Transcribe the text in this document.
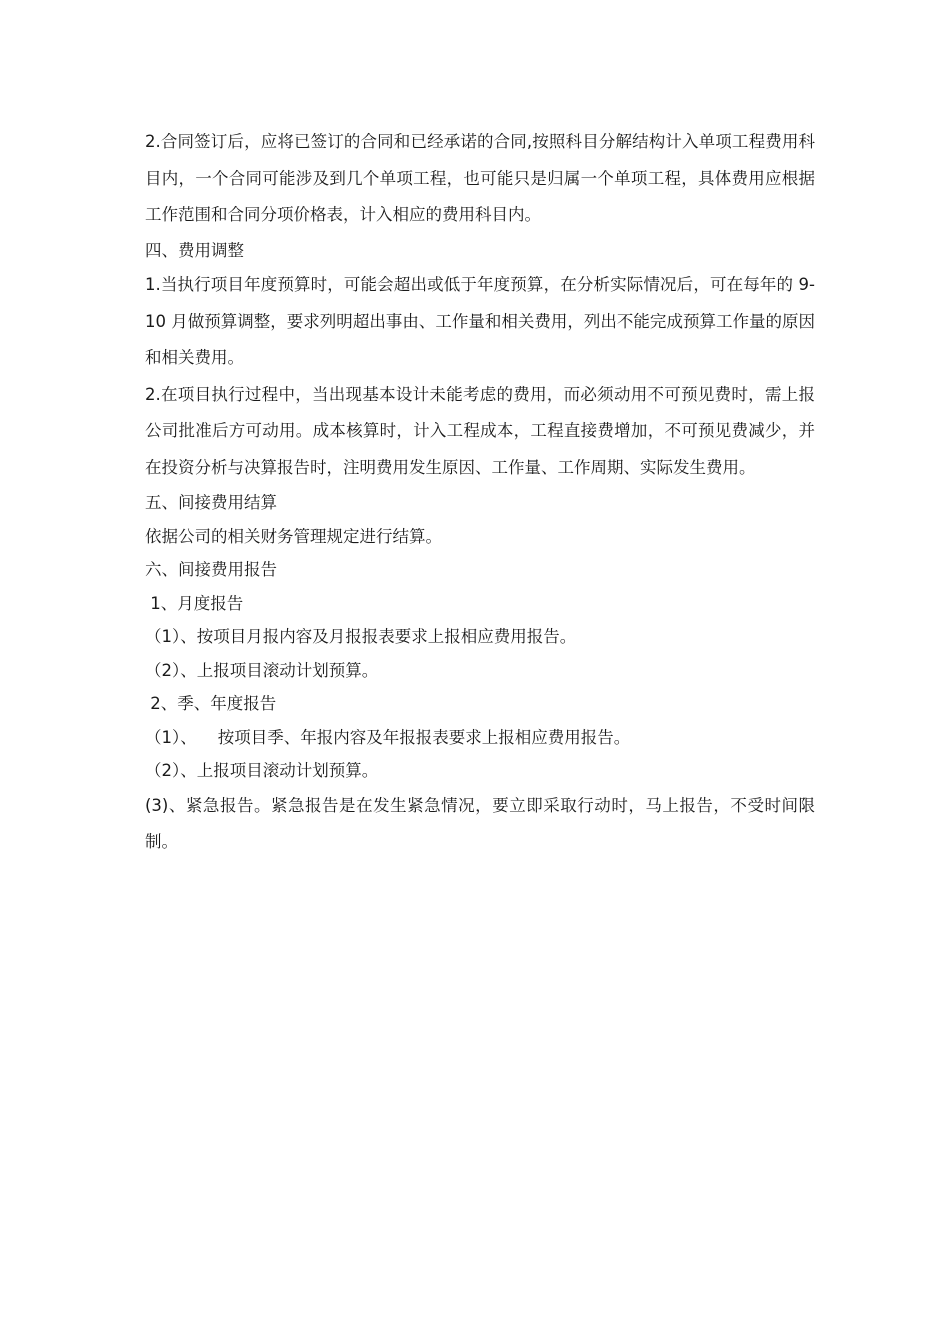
2.合同签订后，应将已签订的合同和已经承诺的合同,按照科目分解结构计入单项工程费用科目内，一个合同可能涉及到几个单项工程，也可能只是归属一个单项工程，具体费用应根据工作范围和合同分项价格表，计入相应的费用科目内。

四、费用调整

1.当执行项目年度预算时，可能会超出或低于年度预算，在分析实际情况后，可在每年的 9-10 月做预算调整，要求列明超出事由、工作量和相关费用，列出不能完成预算工作量的原因和相关费用。

2.在项目执行过程中，当出现基本设计未能考虑的费用，而必须动用不可预见费时，需上报公司批准后方可动用。成本核算时，计入工程成本，工程直接费增加，不可预见费减少，并在投资分析与决算报告时，注明费用发生原因、工作量、工作周期、实际发生费用。

五、间接费用结算

依据公司的相关财务管理规定进行结算。

六、间接费用报告

1、月度报告

（1）、按项目月报内容及月报报表要求上报相应费用报告。

（2）、上报项目滚动计划预算。

2、季、年度报告

（1）、    按项目季、年报内容及年报报表要求上报相应费用报告。

（2）、上报项目滚动计划预算。

(3)、紧急报告。紧急报告是在发生紧急情况，要立即采取行动时，马上报告，不受时间限制。
